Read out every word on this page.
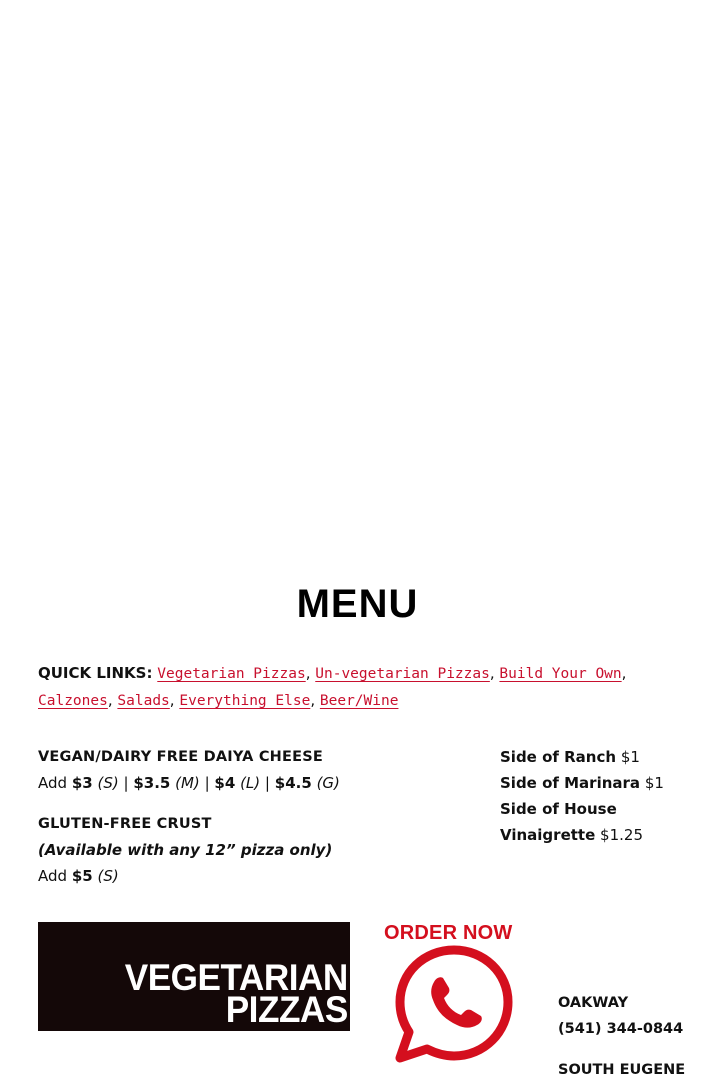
MENU
QUICK LINKS: Vegetarian Pizzas, Un-vegetarian Pizzas, Build Your Own, Calzones, Salads, Everything Else, Beer/Wine
VEGAN/DAIRY FREE DAIYA CHEESE
Add $3 (S) | $3.5 (M) | $4 (L) | $4.5 (G)
GLUTEN-FREE CRUST
(Available with any 12” pizza only)
Add $5 (S)
Side of Ranch $1
Side of Marinara $1
Side of House Vinaigrette $1.25
VEGETARIAN
PIZZAS
ORDER NOW
OAKWAY
(541) 344-0844
SOUTH EUGENE
